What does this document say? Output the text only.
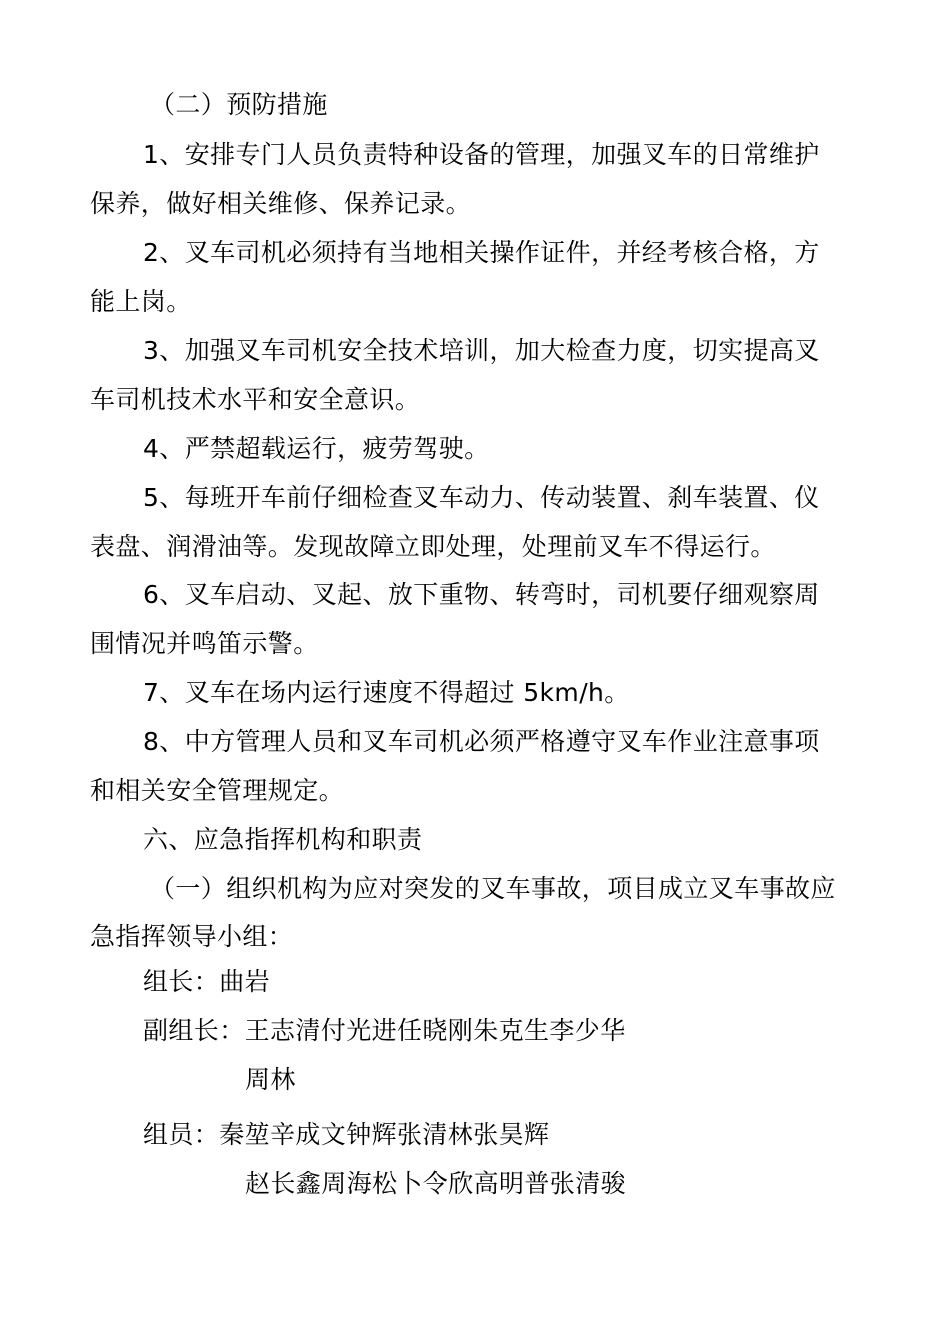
（二）预防措施
1、安排专门人员负责特种设备的管理，加强叉车的日常维护
保养，做好相关维修、保养记录。
2、叉车司机必须持有当地相关操作证件，并经考核合格，方
能上岗。
3、加强叉车司机安全技术培训，加大检查力度，切实提高叉
车司机技术水平和安全意识。
4、严禁超载运行，疲劳驾驶。
5、每班开车前仔细检查叉车动力、传动装置、刹车装置、仪
表盘、润滑油等。发现故障立即处理，处理前叉车不得运行。
6、叉车启动、叉起、放下重物、转弯时，司机要仔细观察周
围情况并鸣笛示警。
7、叉车在场内运行速度不得超过 5km/h。
8、中方管理人员和叉车司机必须严格遵守叉车作业注意事项
和相关安全管理规定。
六、应急指挥机构和职责
（一）组织机构为应对突发的叉车事故，项目成立叉车事故应
急指挥领导小组：
组长：曲岩
副组长：王志清付光进任晓刚朱克生李少华
周林
组员：秦堃辛成文钟辉张清林张昊辉
赵长鑫周海松卜令欣高明普张清骏
